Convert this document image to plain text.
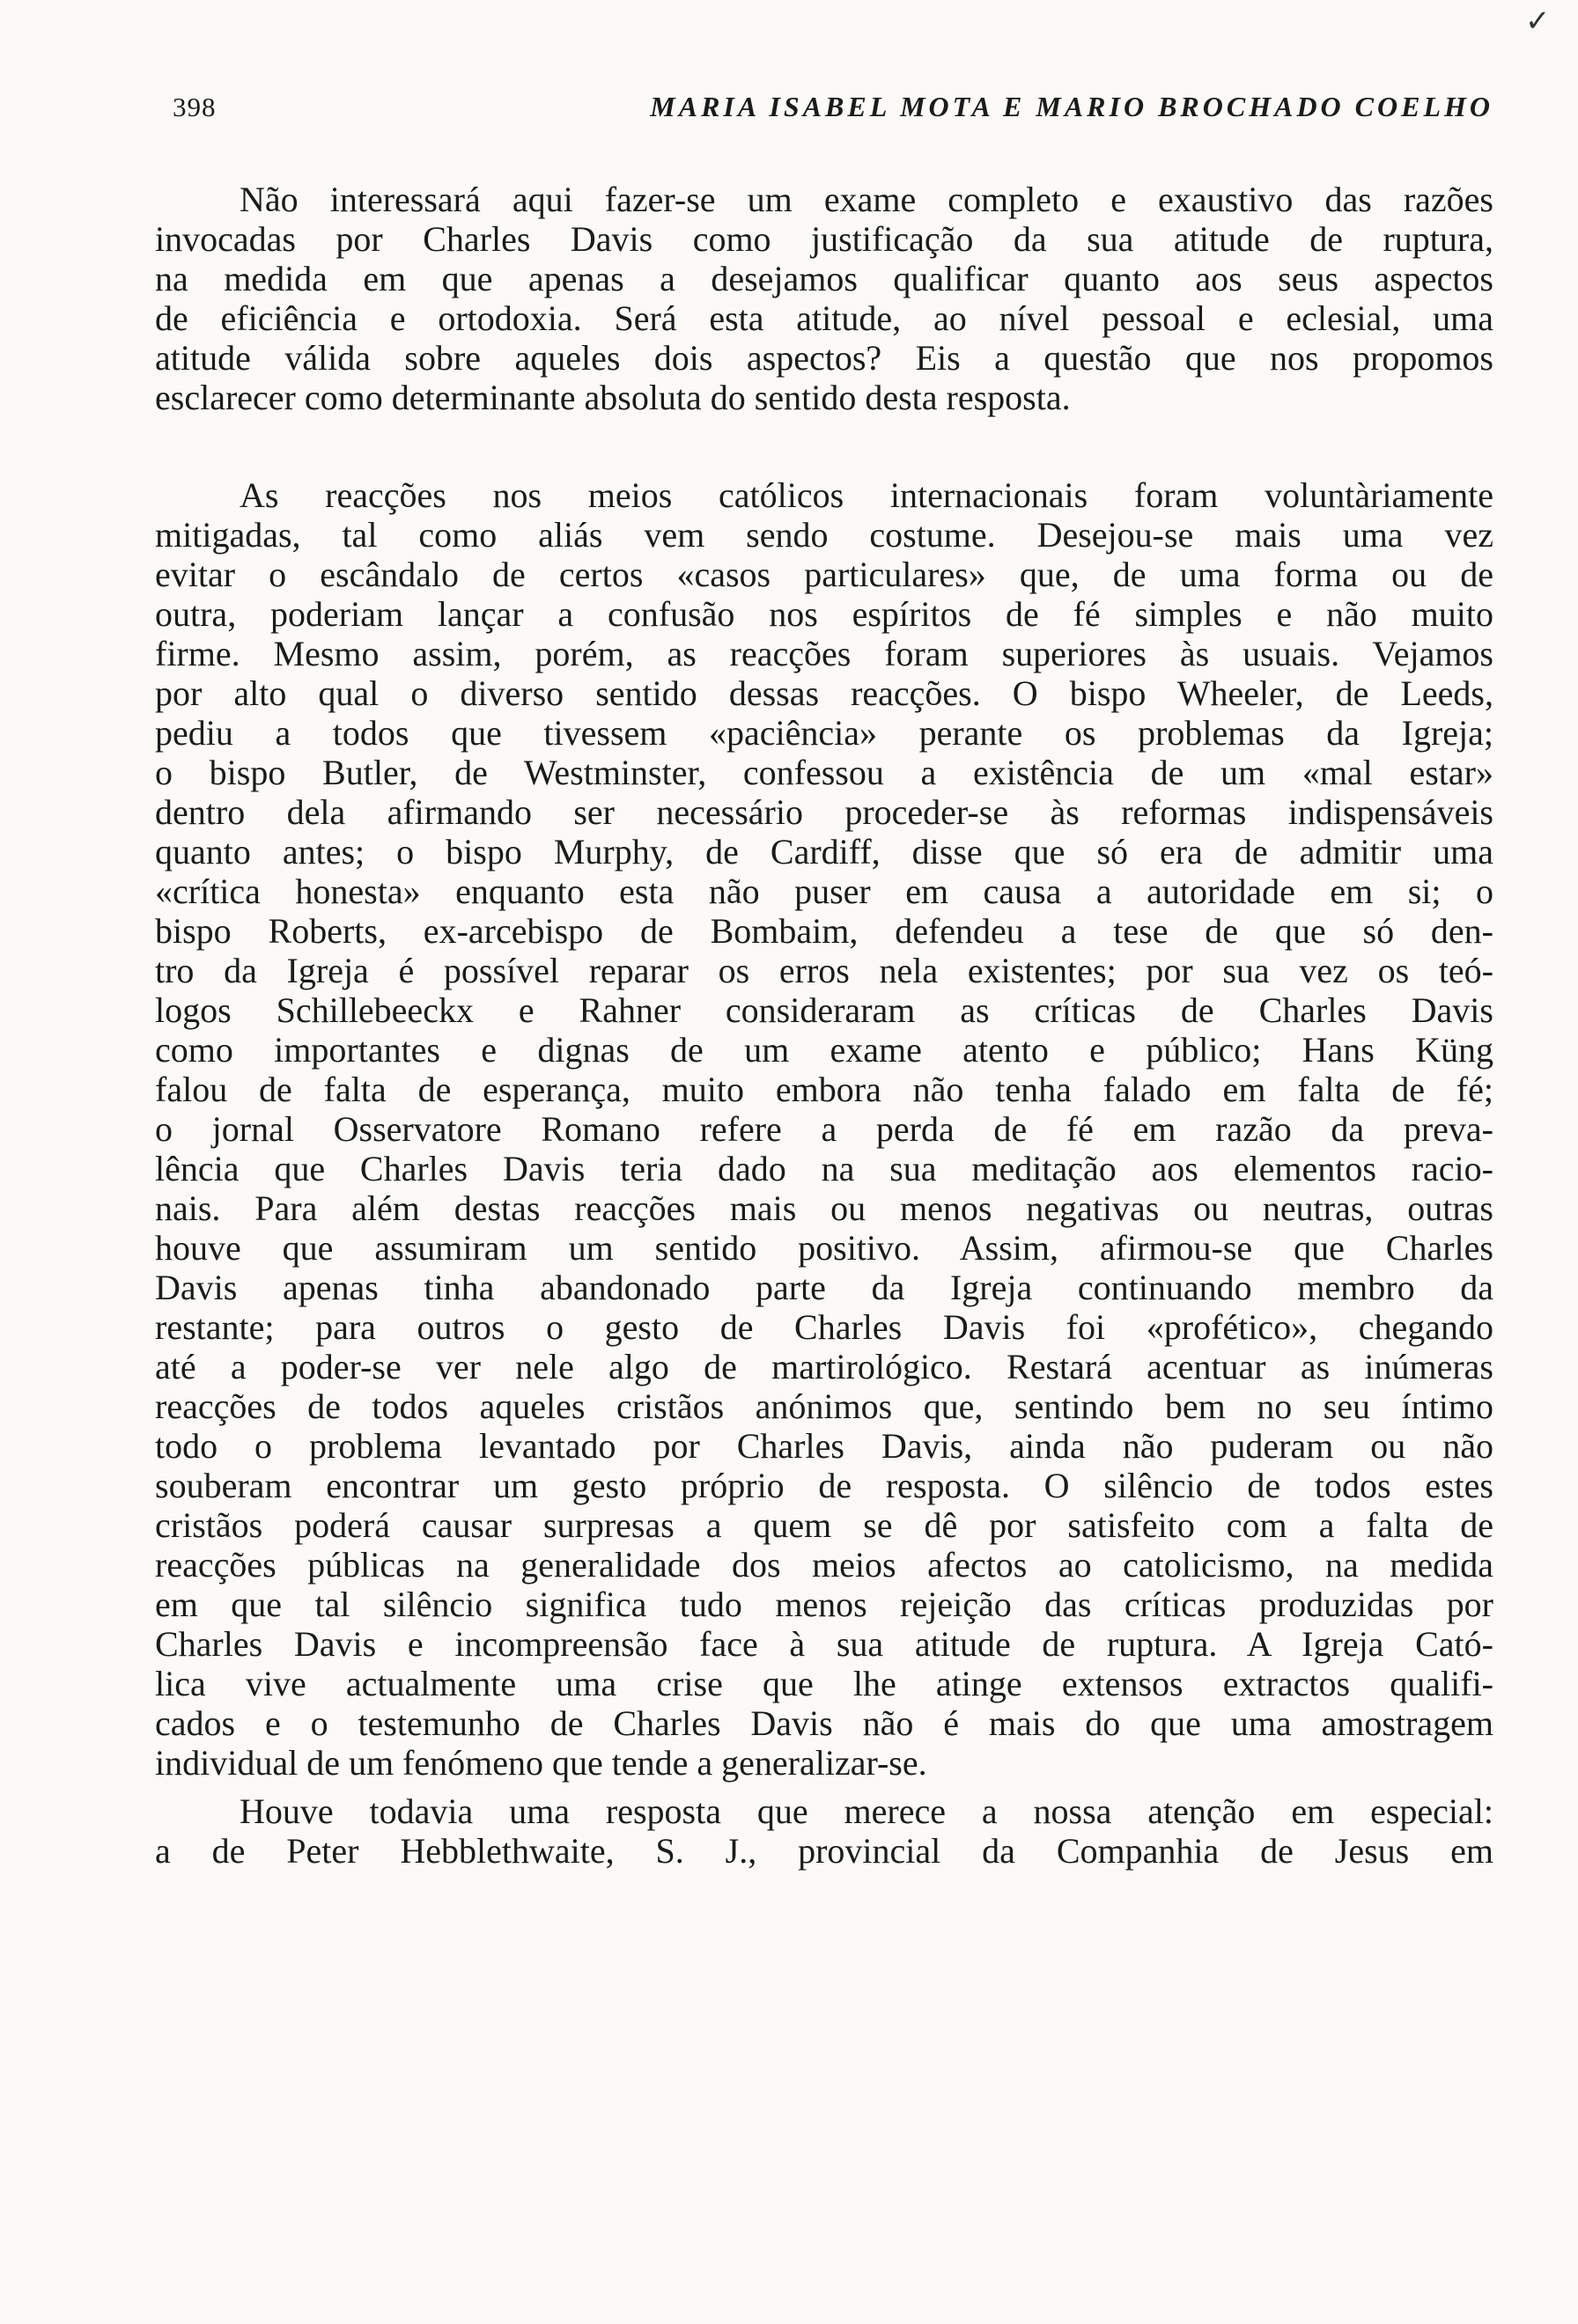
✓
398	MARIA ISABEL MOTA E MARIO BROCHADO COELHO
Não interessará aqui fazer-se um exame completo e exaustivo das razões
invocadas por Charles Davis como justificação da sua atitude de ruptura,
na medida em que apenas a desejamos qualificar quanto aos seus aspectos
de eficiência e ortodoxia. Será esta atitude, ao nível pessoal e eclesial, uma
atitude válida sobre aqueles dois aspectos? Eis a questão que nos propomos
esclarecer como determinante absoluta do sentido desta resposta.
As reacções nos meios católicos internacionais foram voluntàriamente
mitigadas, tal como aliás vem sendo costume. Desejou-se mais uma vez
evitar o escândalo de certos «casos particulares» que, de uma forma ou de
outra, poderiam lançar a confusão nos espíritos de fé simples e não muito
firme. Mesmo assim, porém, as reacções foram superiores às usuais. Vejamos
por alto qual o diverso sentido dessas reacções. O bispo Wheeler, de Leeds,
pediu a todos que tivessem «paciência» perante os problemas da Igreja;
o bispo Butler, de Westminster, confessou a existência de um «mal estar»
dentro dela afirmando ser necessário proceder-se às reformas indispensáveis
quanto antes; o bispo Murphy, de Cardiff, disse que só era de admitir uma
«crítica honesta» enquanto esta não puser em causa a autoridade em si; o
bispo Roberts, ex-arcebispo de Bombaim, defendeu a tese de que só den-
tro da Igreja é possível reparar os erros nela existentes; por sua vez os teó-
logos Schillebeeckx e Rahner consideraram as críticas de Charles Davis
como importantes e dignas de um exame atento e público; Hans Küng
falou de falta de esperança, muito embora não tenha falado em falta de fé;
o jornal Osservatore Romano refere a perda de fé em razão da preva-
lência que Charles Davis teria dado na sua meditação aos elementos racio-
nais. Para além destas reacções mais ou menos negativas ou neutras, outras
houve que assumiram um sentido positivo. Assim, afirmou-se que Charles
Davis apenas tinha abandonado parte da Igreja continuando membro da
restante; para outros o gesto de Charles Davis foi «profético», chegando
até a poder-se ver nele algo de martirológico. Restará acentuar as inúmeras
reacções de todos aqueles cristãos anónimos que, sentindo bem no seu íntimo
todo o problema levantado por Charles Davis, ainda não puderam ou não
souberam encontrar um gesto próprio de resposta. O silêncio de todos estes
cristãos poderá causar surpresas a quem se dê por satisfeito com a falta de
reacções públicas na generalidade dos meios afectos ao catolicismo, na medida
em que tal silêncio significa tudo menos rejeição das críticas produzidas por
Charles Davis e incompreensão face à sua atitude de ruptura. A Igreja Cató-
lica vive actualmente uma crise que lhe atinge extensos extractos qualifi-
cados e o testemunho de Charles Davis não é mais do que uma amostragem
individual de um fenómeno que tende a generalizar-se.
Houve todavia uma resposta que merece a nossa atenção em especial:
a de Peter Hebblethwaite, S. J., provincial da Companhia de Jesus em
